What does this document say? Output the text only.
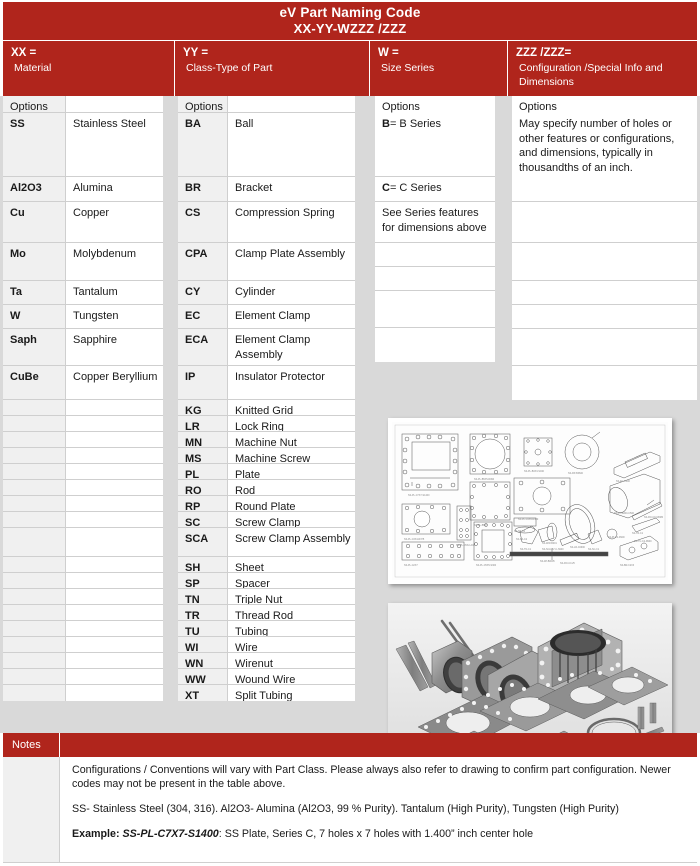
eV Part Naming Code
XX-YY-WZZZ /ZZZ
XX =
Material
YY =
Class-Type of Part
W =
Size Series
ZZZ /ZZZ=
Configuration /Special Info and Dimensions
Options
SS	Stainless Steel
Al2O3	Alumina
Cu	Copper
Mo	Molybdenum
Ta	Tantalum
W	Tungsten
Saph	Sapphire
CuBe	Copper Beryllium
Options
BA	Ball
BR	Bracket
CS	Compression Spring
CPA	Clamp Plate Assembly
CY	Cylinder
EC	Element Clamp
ECA	Element Clamp Assembly
IP	Insulator Protector
KG	Knitted Grid
LR	Lock Ring
MN	Machine Nut
MS	Machine Screw
PL	Plate
RO	Rod
RP	Round Plate
SC	Screw Clamp
SCA	Screw Clamp Assembly
SH	Sheet
SP	Spacer
TN	Triple Nut
TR	Thread Rod
TU	Tubing
WI	Wire
WN	Wirenut
WW	Wound Wire
XT	Split Tubing
Options
B= B Series
C= C Series
See Series features for dimensions above
Options
May specify number of holes or other features or configurations, and dimensions, typically in thousandths of an inch.
SS-PL-C7X7-S1400
SS-PL-B5X5-R090
SS-PL-B5X5
SS-PL-B3X3-S040
SS-RP-B3600
SS-EC-C100
SS-PL-C4X6-R300
SS-CY-B200-C500
SS-LR-C0900
SS-SP-C2
SS-BA-C2
SS-WW-B001
SS-PL-C3X4-R375
SS-PL-C5X2-A02
SS-PL-C2X7	SS-PL-C5X5-S300
SS-TN-C1	SS-SCA-A7-C-S900	SS-SC-C1
SS-IP-C2-D900
SS-TU-C2-D900
SS-BR-C2X3
SS-TR-C1
SS-WI-B0005
SS-RO-C0.25
SS-RO-C10-B980
Notes

Configurations / Conventions will vary with Part Class. Please always also refer to drawing to confirm part configuration. Newer codes may not be present in the table above.

SS- Stainless Steel (304, 316). Al2O3- Alumina (Al2O3, 99 % Purity). Tantalum (High Purity), Tungsten (High Purity)

Example: SS-PL-C7X7-S1400: SS Plate, Series C, 7 holes x 7 holes with 1.400” inch center hole
